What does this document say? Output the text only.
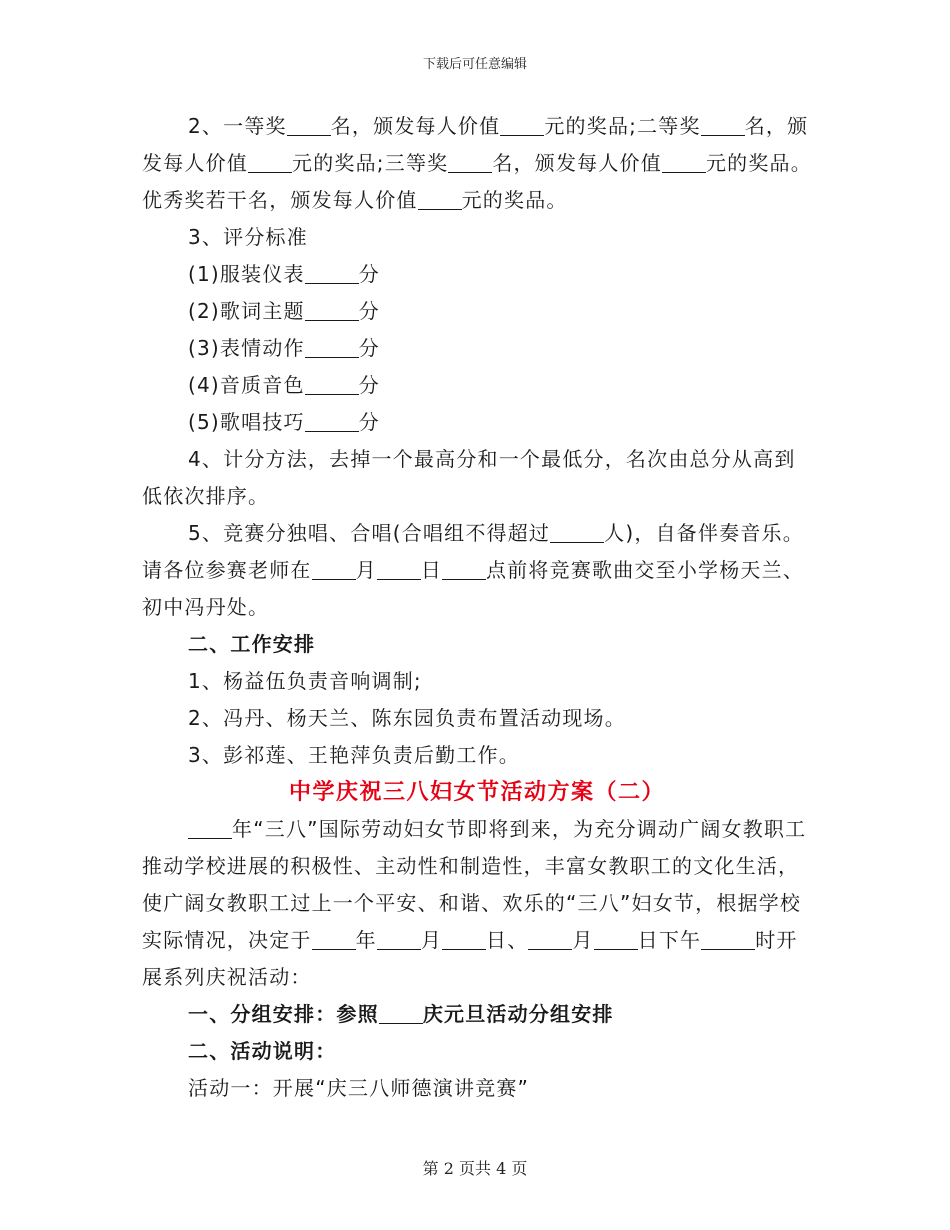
下载后可任意编辑

2、一等奖 名，颁发每人价值 元的奖品;二等奖 名，颁发每人价值 元的奖品;三等奖 名，颁发每人价值 元的奖品。优秀奖若干名，颁发每人价值 元的奖品。

3、评分标准

(1)服装仪表	分

(2)歌词主题	分

(3)表情动作	分

(4)音质音色	分

(5)歌唱技巧	分

4、计分方法，去掉一个最高分和一个最低分，名次由总分从高到低依次排序。

5、竞赛分独唱、合唱(合唱组不得超过	人)，自备伴奏音乐。请各位参赛老师在 月 日 点前将竞赛歌曲交至小学杨天兰、初中冯丹处。

二、工作安排

1、杨益伍负责音响调制;

2、冯丹、杨天兰、陈东园负责布置活动现场。

3、彭祁莲、王艳萍负责后勤工作。

中学庆祝三八妇女节活动方案（二）

年“三八”国际劳动妇女节即将到来，为充分调动广阔女教职工推动学校进展的积极性、主动性和制造性，丰富女教职工的文化生活，使广阔女教职工过上一个平安、和谐、欢乐的“三八”妇女节，根据学校实际情况，决定于 年 月 日、 月 日下午	时开展系列庆祝活动：

一、分组安排：参照 庆元旦活动分组安排

二、活动说明：

活动一：开展“庆三八师德演讲竞赛”

第 2 页共 4 页
